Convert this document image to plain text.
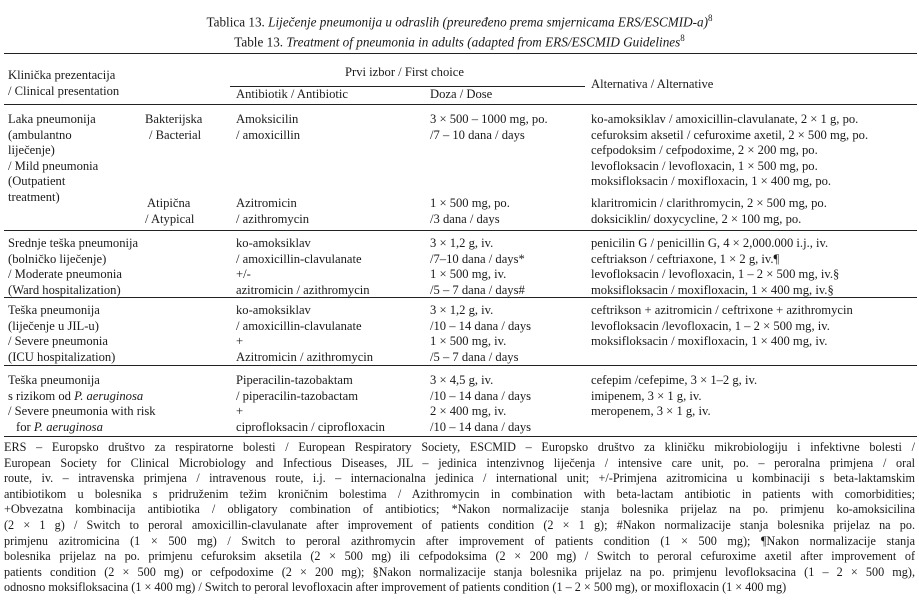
Tablica 13. Liječenje pneumonija u odraslih (preuređeno prema smjernicama ERS/ESCMID-a)$^8$
Table 13. Treatment of pneumonia in adults (adapted from ERS/ESCMID Guidelines$^8$
Klinička prezentacija
/ Clinical presentation
Prvi izbor / First choice
Antibiotik / Antibiotic	Doza / Dose
Alternativa / Alternative
Laka pneumonija
(ambulantno
liječenje)
/ Mild pneumonia
(Outpatient
treatment)
Bakterijska
/ Bacterial
Amoksicilin
/ amoxicillin
3 × 500 – 1000 mg, po.
/7 – 10 dana / days
ko-amoksiklav / amoxicillin-clavulanate, 2 × 1 g, po.
cefuroksim aksetil / cefuroxime axetil, 2 × 500 mg, po.
cefpodoksim / cefpodoxime, 2 × 200 mg, po.
levofloksacin / levofloxacin, 1 × 500 mg, po.
moksifloksacin / moxifloxacin, 1 × 400 mg, po.
Atipična
/ Atypical
Azitromicin
/ azithromycin
1 × 500 mg, po.
/3 dana / days
klaritromicin / clarithromycin, 2 × 500 mg, po.
doksiciklin/ doxycycline, 2 × 100 mg, po.
Srednje teška pneumonija
(bolničko liječenje)
/ Moderate pneumonia
(Ward hospitalization)
ko-amoksiklav
/ amoxicillin-clavulanate
+/-
azitromicin / azithromycin
3 × 1,2 g, iv.
/7–10 dana / days*
1 × 500 mg, iv.
/5 – 7 dana / days#
penicilin G / penicillin G, 4 × 2,000.000 i.j., iv.
ceftriakson / ceftriaxone, 1 × 2 g, iv.¶
levofloksacin / levofloxacin, 1 – 2 × 500 mg, iv.§
moksifloksacin / moxifloxacin, 1 × 400 mg, iv.§
Teška pneumonija
(liječenje u JIL-u)
/ Severe pneumonia
(ICU hospitalization)
ko-amoksiklav
/ amoxicillin-clavulanate
+
Azitromicin / azithromycin
3 × 1,2 g, iv.
/10 – 14 dana / days
1 × 500 mg, iv.
/5 – 7 dana / days
ceftrikson + azitromicin / ceftrixone + azithromycin
levofloksacin /levofloxacin, 1 – 2 × 500 mg, iv.
moksifloksacin / moxifloxacin, 1 × 400 mg, iv.
Teška pneumonija
s rizikom od P. aeruginosa
/ Severe pneumonia with risk
for P. aeruginosa
Piperacilin-tazobaktam
/ piperacilin-tazobactam
+
ciprofloksacin / ciprofloxacin
3 × 4,5 g, iv.
/10 – 14 dana / days
2 × 400 mg, iv.
/10 – 14 dana / days
cefepim /cefepime, 3 × 1–2 g, iv.
imipenem, 3 × 1 g, iv.
meropenem, 3 × 1 g, iv.
ERS – Europsko društvo za respiratorne bolesti / European Respiratory Society, ESCMID – Europsko društvo za kliničku mikrobiologiju i infektivne bolesti /
European Society for Clinical Microbiology and Infectious Diseases, JIL – jedinica intenzivnog liječenja / intensive care unit, po. – peroralna primjena / oral
route, iv. – intravenska primjena / intravenous route, i.j. – internacionalna jedinica / international unit; +/-Primjena azitromicina u kombinaciji s beta-laktamskim
antibiotikom u bolesnika s pridruženim težim kroničnim bolestima / Azithromycin in combination with beta-lactam antibiotic in patients with comorbidities;
+Obvezatna kombinacija antibiotika / obligatory combination of antibiotics; *Nakon normalizacije stanja bolesnika prijelaz na po. primjenu ko-amoksicilina
(2 × 1 g) / Switch to peroral amoxicillin-clavulanate after improvement of patients condition (2 × 1 g); #Nakon normalizacije stanja bolesnika prijelaz na po.
primjenu azitromicina (1 × 500 mg) / Switch to peroral azithromycin after improvement of patients condition (1 × 500 mg); ¶Nakon normalizacije stanja
bolesnika prijelaz na po. primjenu cefuroksim aksetila (2 × 500 mg) ili cefpodoksima (2 × 200 mg) / Switch to peroral cefuroxime axetil after improvement of
patients condition (2 × 500 mg) or cefpodoxime (2 × 200 mg); §Nakon normalizacije stanja bolesnika prijelaz na po. primjenu levofloksacina (1 – 2 × 500 mg),
odnosno moksifloksacina (1 × 400 mg) / Switch to peroral levofloxacin after improvement of patients condition (1 – 2 × 500 mg), or moxifloxacin (1 × 400 mg)
